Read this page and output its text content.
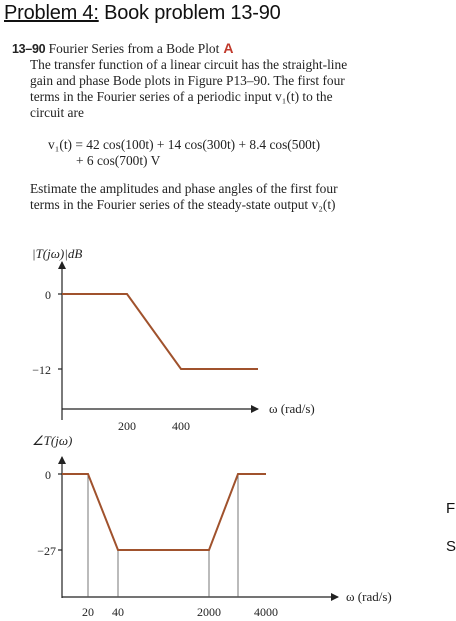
Problem 4: Book problem 13-90
13–90 Fourier Series from a Bode Plot A
The transfer function of a linear circuit has the straight-line
gain and phase Bode plots in Figure P13–90. The first four
terms in the Fourier series of a periodic input v₁(t) to the
circuit are
v₁(t) = 42 cos(100t) + 14 cos(300t) + 8.4 cos(500t)
+ 6 cos(700t) V
Estimate the amplitudes and phase angles of the first four
terms in the Fourier series of the steady-state output v₂(t)
|T(jω)|dB
0
−12
200	400
ω (rad/s)
∠T(jω)
0
−27
20 40	2000	4000
ω (rad/s)
F
S
